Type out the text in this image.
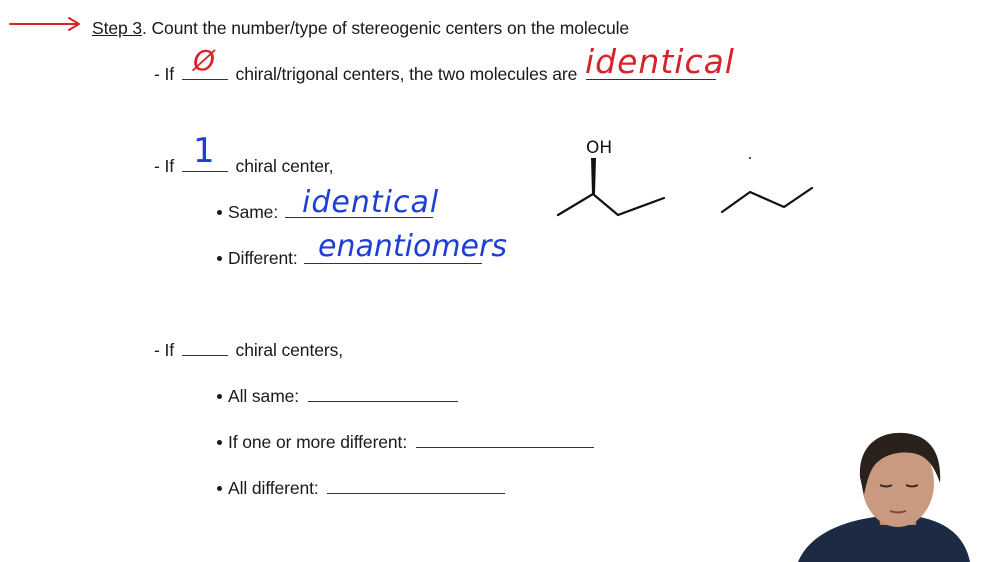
Step 3. Count the number/type of stereogenic centers on the molecule
- If	chiral/trigonal centers, the two molecules are
Ø	identical
- If	chiral center,
1
Same: identical
Different: enantiomers
- If	chiral centers,
All same:
If one or more different:
All different:
OH
